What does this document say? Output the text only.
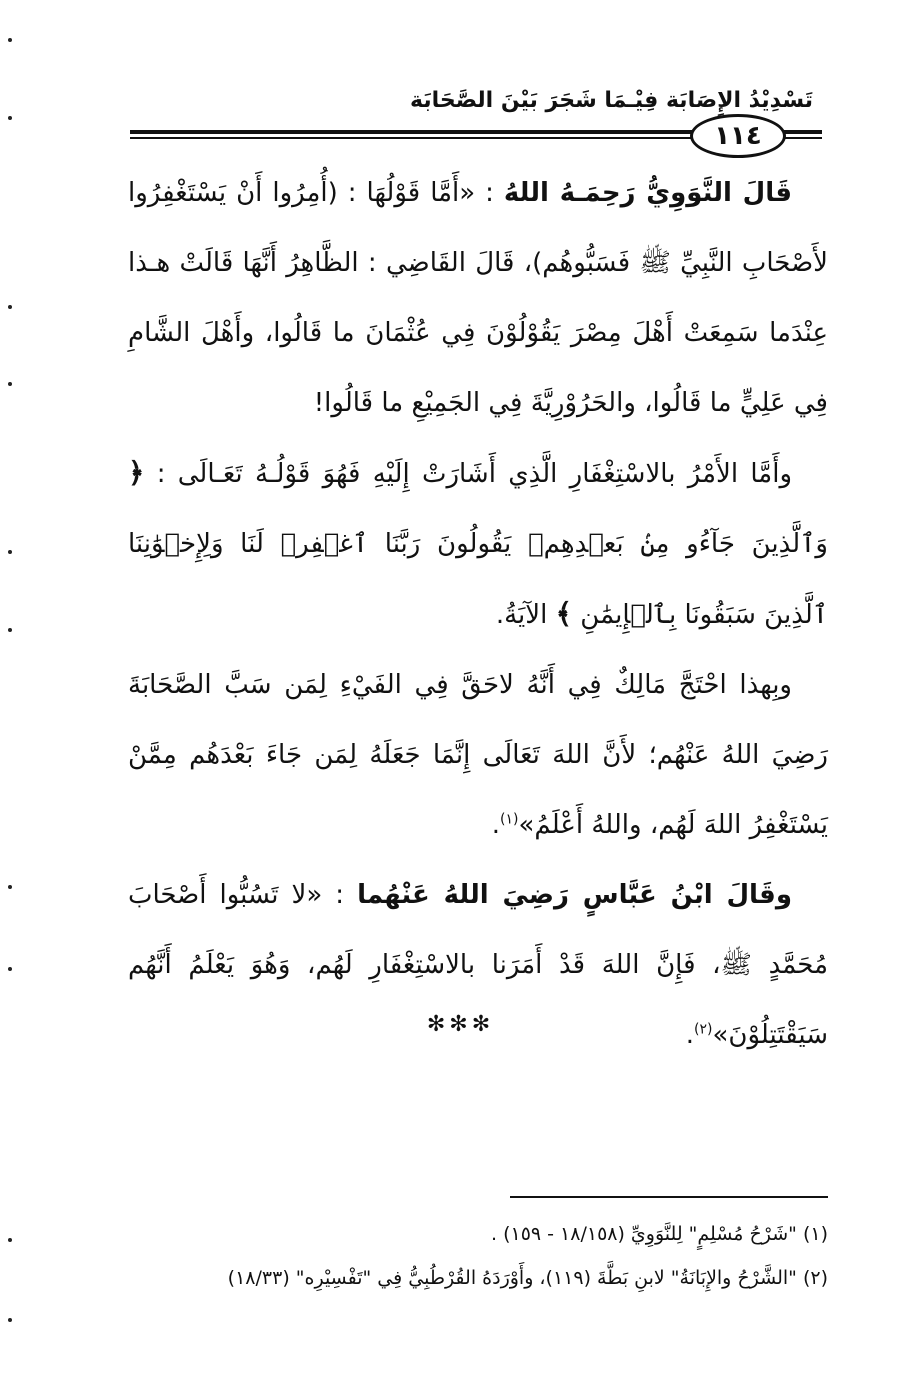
تَسْدِيْدُ الإِصَابَة فِيْـمَا شَجَرَ بَيْنَ الصَّحَابَة
١١٤

قَالَ النَّوَوِيُّ رَحِمَـهُ اللهُ : «أَمَّا قَوْلُهَا : (أُمِرُوا أَنْ يَسْتَغْفِرُوا لأَصْحَابِ النَّبِيِّ ﷺ فَسَبُّوهُم)، قَالَ القَاضِي : الظَّاهِرُ أَنَّهَا قَالَتْ هـذا عِنْدَما سَمِعَتْ أَهْلَ مِصْرَ يَقُوْلُوْنَ فِي عُثْمَانَ ما قَالُوا، وأَهْلَ الشَّامِ فِي عَلِيٍّ ما قَالُوا، والحَرُوْرِيَّةَ فِي الجَمِيْعِ ما قَالُوا!

وأَمَّا الأَمْرُ بالاسْتِغْفَارِ الَّذِي أَشَارَتْ إِلَيْهِ فَهُوَ قَوْلُـهُ تَعَـالَى : ﴿ وَٱلَّذِينَ جَآءُو مِنۢ بَعۡدِهِمۡ يَقُولُونَ رَبَّنَا ٱغۡفِرۡ لَنَا وَلِإِخۡوَٰنِنَا ٱلَّذِينَ سَبَقُونَا بِٱلۡإِيمَٰنِ ﴾ الآيَةُ.

وبِهذا احْتَجَّ مَالِكٌ فِي أَنَّهُ لاحَقَّ فِي الفَيْءِ لِمَن سَبَّ الصَّحَابَةَ رَضِيَ اللهُ عَنْهُم؛ لأَنَّ اللهَ تَعَالَى إِنَّمَا جَعَلَهُ لِمَن جَاءَ بَعْدَهُم مِمَّنْ يَسْتَغْفِرُ اللهَ لَهُم، واللهُ أَعْلَمُ»$^{(١)}$.

وقَالَ ابْنُ عَبَّاسٍ رَضِيَ اللهُ عَنْهُما : «لا تَسُبُّوا أَصْحَابَ مُحَمَّدٍ ﷺ، فَإِنَّ اللهَ قَدْ أَمَرَنا بالاسْتِغْفَارِ لَهُم، وَهُوَ يَعْلَمُ أَنَّهُم سَيَقْتَتِلُوْنَ»$^{(٢)}$.

✻✻✻
(١) "شَرْحُ مُسْلِمٍ" لِلنَّوَوِيِّ (١٨/١٥٨ - ١٥٩) .
(٢) "الشَّرْحُ والإِبَانَةُ" لابنِ بَطَّةَ (١١٩)، وأَوْرَدَهُ القُرْطُبِيُّ فِي "تَفْسِيْرِه" (١٨/٣٣)
